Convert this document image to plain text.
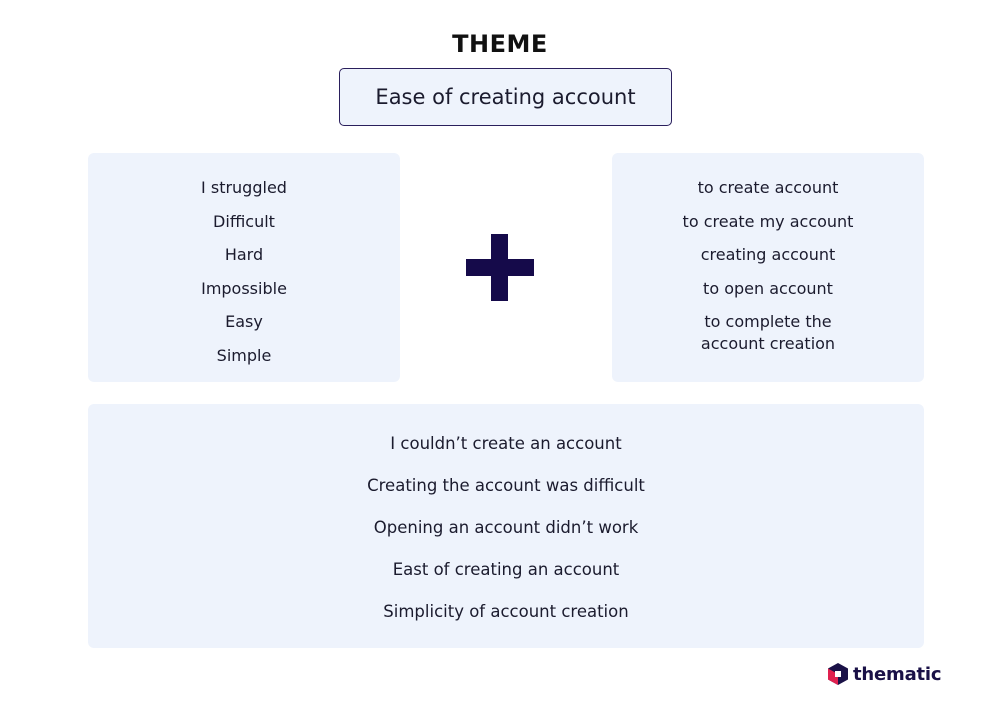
THEME
Ease of creating account
I struggled
Difficult
Hard
Impossible
Easy
Simple
to create account
to create my account
creating account
to open account
to complete the account creation
I couldn’t create an account
Creating the account was difficult
Opening an account didn’t work
East of creating an account
Simplicity of account creation
thematic
